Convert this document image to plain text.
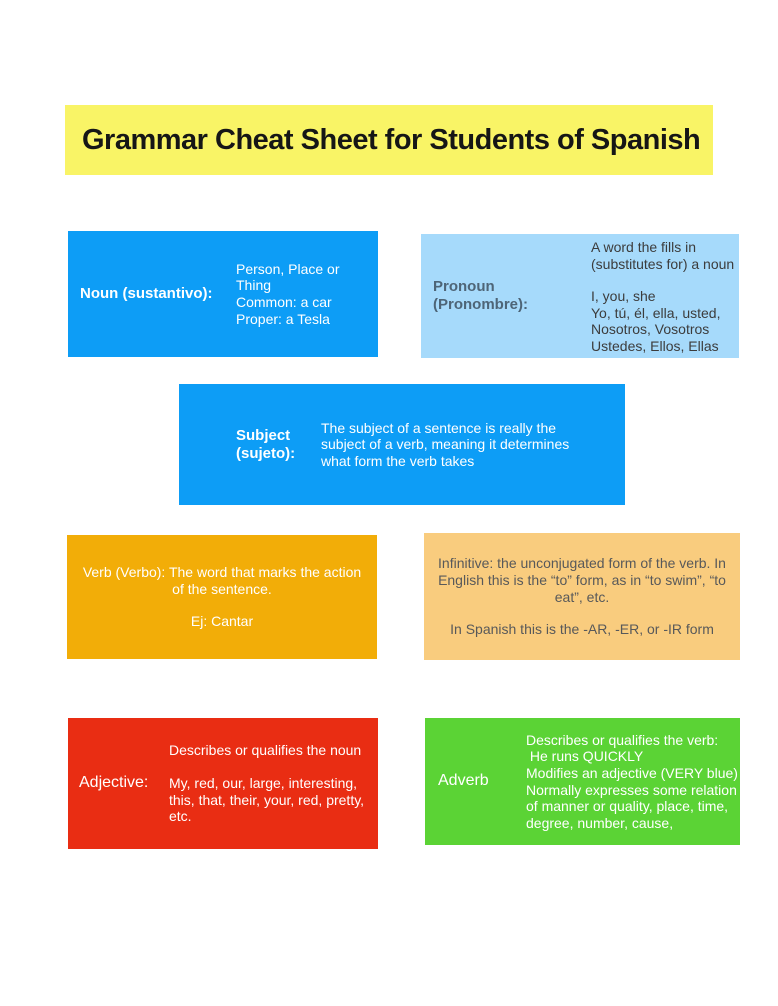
Grammar Cheat Sheet for Students of Spanish
Noun (sustantivo):
Person, Place or Thing
Common: a car
Proper: a Tesla
Pronoun (Pronombre):
A word the fills in (substitutes for) a noun
I, you, she
Yo, tú, él, ella, usted,
Nosotros, Vosotros
Ustedes, Ellos, Ellas
Subject (sujeto):
The subject of a sentence is really the subject of a verb, meaning it determines what form the verb takes
Verb (Verbo): The word that marks the action of the sentence.
Ej: Cantar
Infinitive: the unconjugated form of the verb. In English this is the “to” form, as in “to swim”, “to eat”, etc.
In Spanish this is the -AR, -ER, or -IR form
Adjective:
Describes or qualifies the noun
My, red, our, large, interesting, this, that, their, your, red, pretty, etc.
Adverb
Describes or qualifies the verb:
He runs QUICKLY
Modifies an adjective (VERY blue)
Normally expresses some relation of manner or quality, place, time, degree, number, cause,
